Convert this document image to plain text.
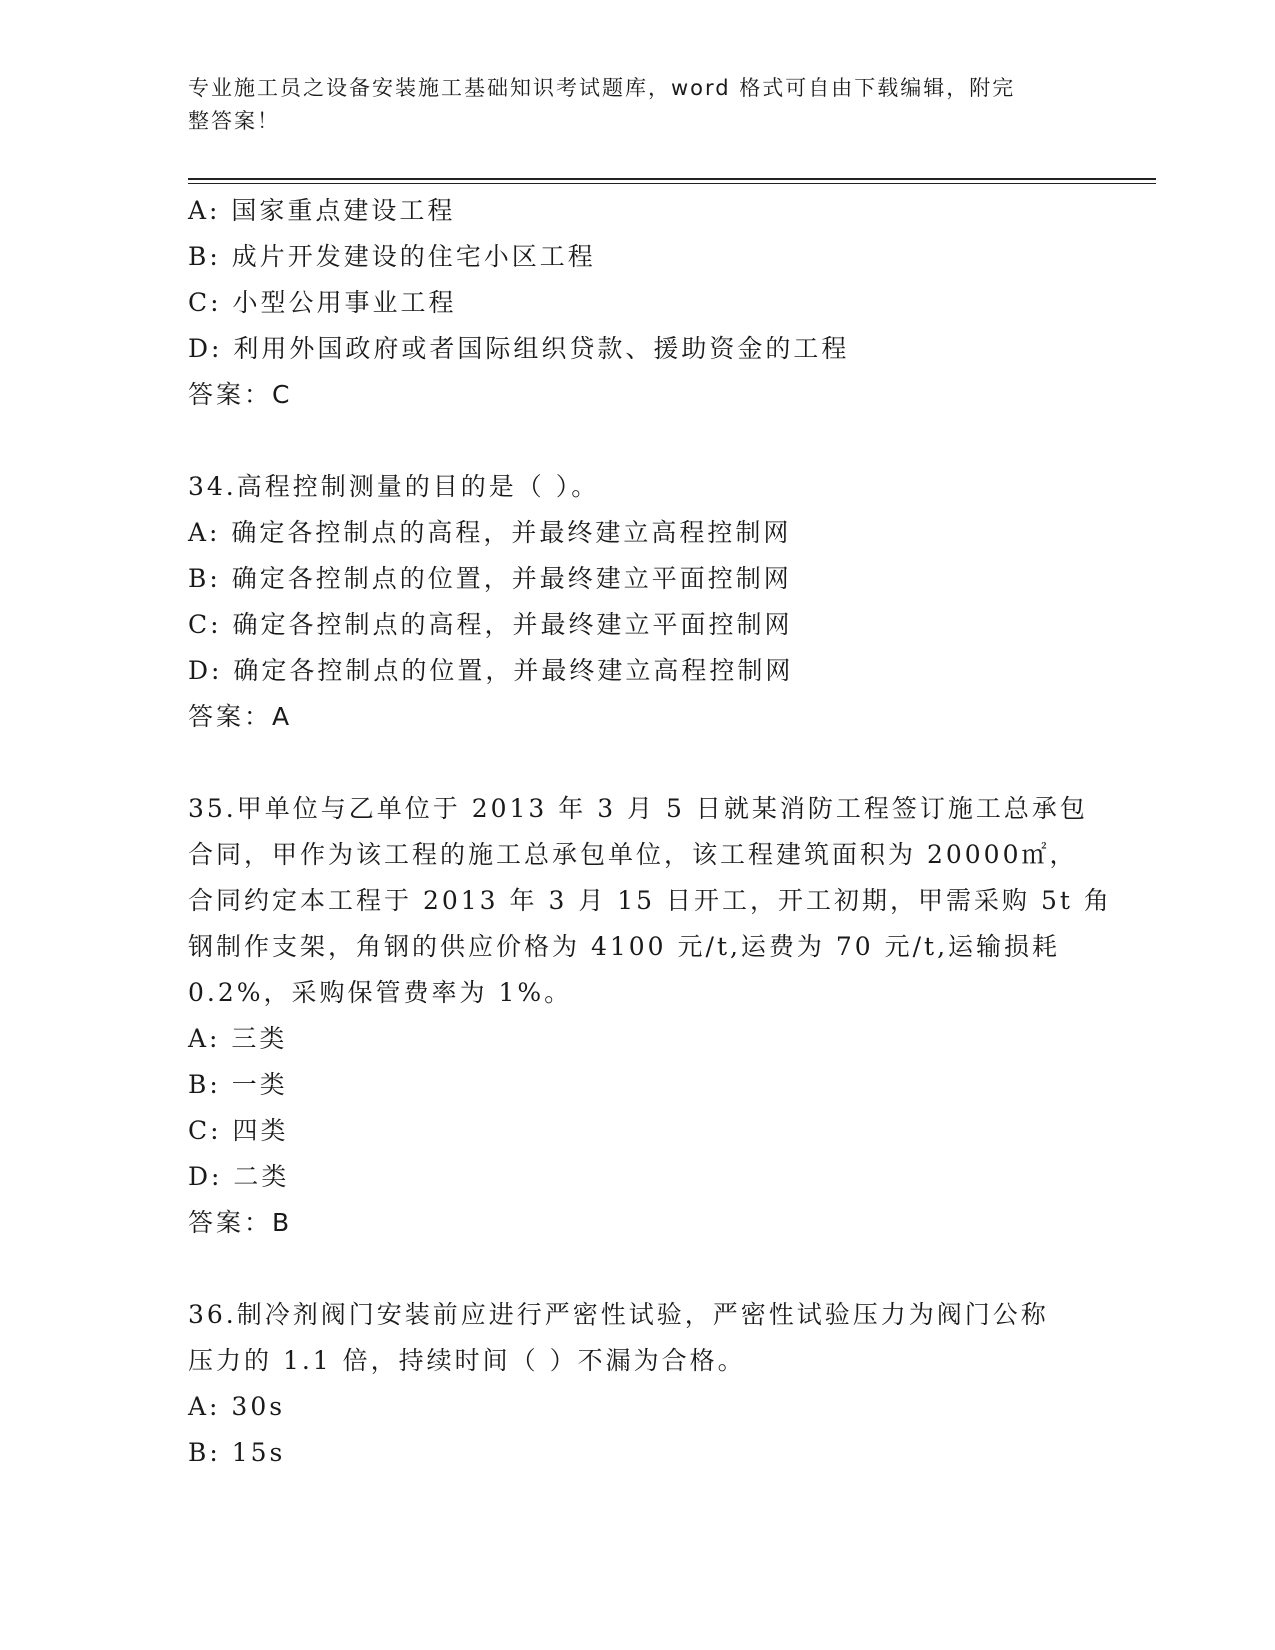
专业施工员之设备安装施工基础知识考试题库，word 格式可自由下载编辑，附完
整答案！
A: 国家重点建设工程
B: 成片开发建设的住宅小区工程
C: 小型公用事业工程
D: 利用外国政府或者国际组织贷款、援助资金的工程
答案：C
34.高程控制测量的目的是（ ）。
A: 确定各控制点的高程，并最终建立高程控制网
B: 确定各控制点的位置，并最终建立平面控制网
C: 确定各控制点的高程，并最终建立平面控制网
D: 确定各控制点的位置，并最终建立高程控制网
答案：A
35.甲单位与乙单位于 2013 年 3 月 5 日就某消防工程签订施工总承包
合同，甲作为该工程的施工总承包单位，该工程建筑面积为 20000㎡，
合同约定本工程于 2013 年 3 月 15 日开工，开工初期，甲需采购 5t 角
钢制作支架，角钢的供应价格为 4100 元/t,运费为 70 元/t,运输损耗
0.2%，采购保管费率为 1%。
A: 三类
B: 一类
C: 四类
D: 二类
答案：B
36.制冷剂阀门安装前应进行严密性试验，严密性试验压力为阀门公称
压力的 1.1 倍，持续时间（ ）不漏为合格。
A: 30s
B: 15s
